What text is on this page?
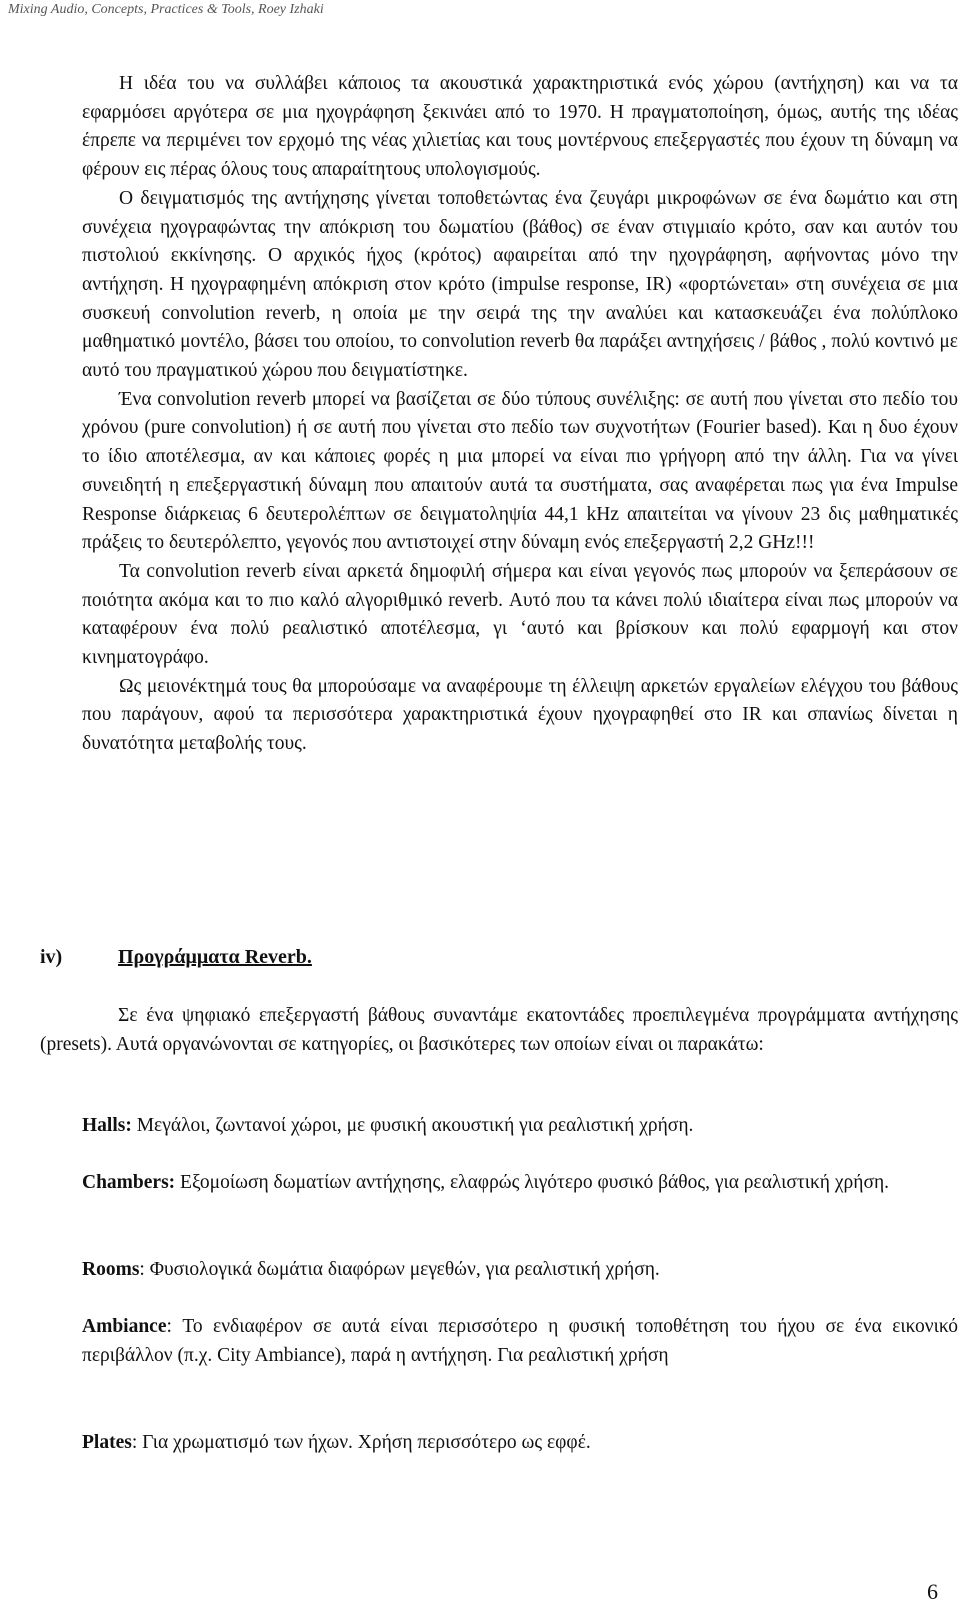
Mixing Audio, Concepts, Practices & Tools, Roey Izhaki

Η ιδέα του να συλλάβει κάποιος τα ακουστικά χαρακτηριστικά ενός χώρου (αντήχηση) και να τα εφαρμόσει αργότερα σε μια ηχογράφηση ξεκινάει από το 1970. Η πραγματοποίηση, όμως, αυτής της ιδέας έπρεπε να περιμένει τον ερχομό της νέας χιλιετίας και τους μοντέρνους επεξεργαστές που έχουν τη δύναμη να φέρουν εις πέρας όλους τους απαραίτητους υπολογισμούς.

Ο δειγματισμός της αντήχησης γίνεται τοποθετώντας ένα ζευγάρι μικροφώνων σε ένα δωμάτιο και στη συνέχεια ηχογραφώντας την απόκριση του δωματίου (βάθος) σε έναν στιγμιαίο κρότο, σαν και αυτόν του πιστολιού εκκίνησης. Ο αρχικός ήχος (κρότος) αφαιρείται από την ηχογράφηση, αφήνοντας μόνο την αντήχηση. Η ηχογραφημένη απόκριση στον κρότο (impulse response, IR) «φορτώνεται» στη συνέχεια σε μια συσκευή convolution reverb, η οποία με την σειρά της την αναλύει και κατασκευάζει ένα πολύπλοκο μαθηματικό μοντέλο, βάσει του οποίου, το convolution reverb θα παράξει αντηχήσεις / βάθος , πολύ κοντινό με αυτό του πραγματικού χώρου που δειγματίστηκε.

Ένα convolution reverb μπορεί να βασίζεται σε δύο τύπους συνέλιξης: σε αυτή που γίνεται στο πεδίο του χρόνου (pure convolution) ή σε αυτή που γίνεται στο πεδίο των συχνοτήτων (Fourier based). Και η δυο έχουν το ίδιο αποτέλεσμα, αν και κάποιες φορές η μια μπορεί να είναι πιο γρήγορη από την άλλη. Για να γίνει συνειδητή η επεξεργαστική δύναμη που απαιτούν αυτά τα συστήματα, σας αναφέρεται πως για ένα Impulse Response διάρκειας 6 δευτερολέπτων σε δειγματοληψία 44,1 kHz απαιτείται να γίνουν 23 δις μαθηματικές πράξεις το δευτερόλεπτο, γεγονός που αντιστοιχεί στην δύναμη ενός επεξεργαστή 2,2 GHz!!!

Τα convolution reverb είναι αρκετά δημοφιλή σήμερα και είναι γεγονός πως μπορούν να ξεπεράσουν σε ποιότητα ακόμα και το πιο καλό αλγοριθμικό reverb. Αυτό που τα κάνει πολύ ιδιαίτερα είναι πως μπορούν να καταφέρουν ένα πολύ ρεαλιστικό αποτέλεσμα, γι ‘αυτό και βρίσκουν και πολύ εφαρμογή και στον κινηματογράφο.

Ως μειονέκτημά τους θα μπορούσαμε να αναφέρουμε τη έλλειψη αρκετών εργαλείων ελέγχου του βάθους που παράγουν, αφού τα περισσότερα χαρακτηριστικά έχουν ηχογραφηθεί στο IR και σπανίως δίνεται η δυνατότητα μεταβολής τους.

iv)	Προγράμματα Reverb.

Σε ένα ψηφιακό επεξεργαστή βάθους συναντάμε εκατοντάδες προεπιλεγμένα προγράμματα αντήχησης (presets). Αυτά οργανώνονται σε κατηγορίες, οι βασικότερες των οποίων είναι οι παρακάτω:

Halls: Μεγάλοι, ζωντανοί χώροι, με φυσική ακουστική για ρεαλιστική χρήση.

Chambers: Εξομοίωση δωματίων αντήχησης, ελαφρώς λιγότερο φυσικό βάθος, για ρεαλιστική χρήση.

Rooms: Φυσιολογικά δωμάτια διαφόρων μεγεθών, για ρεαλιστική χρήση.

Ambiance: Το ενδιαφέρον σε αυτά είναι περισσότερο η φυσική τοποθέτηση του ήχου σε ένα εικονικό περιβάλλον (π.χ. City Ambiance), παρά η αντήχηση. Για ρεαλιστική χρήση

Plates: Για χρωματισμό των ήχων. Χρήση περισσότερο ως εφφέ.

6
